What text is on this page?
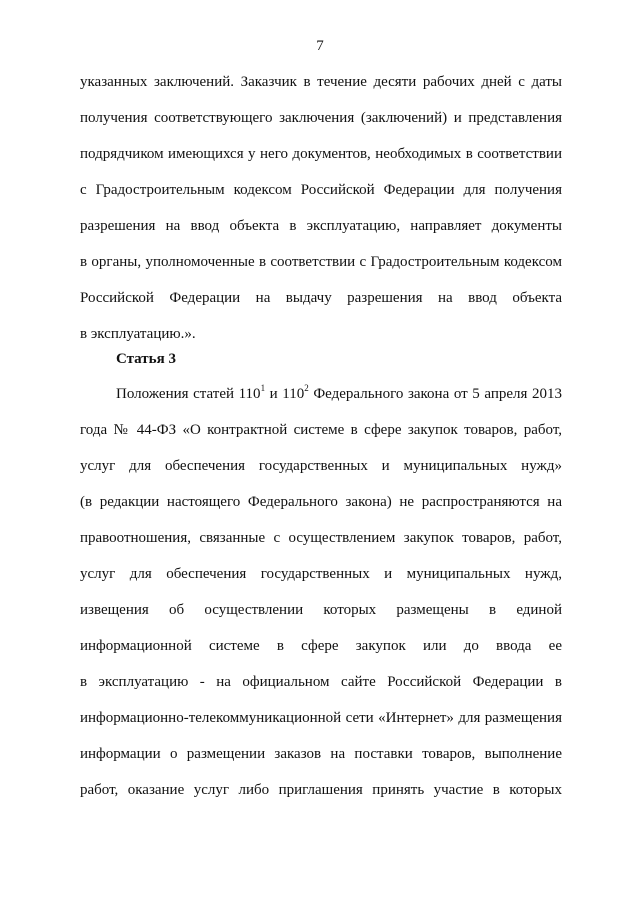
7
указанных заключений. Заказчик в течение десяти рабочих дней с даты
получения соответствующего заключения (заключений) и представления
подрядчиком имеющихся у него документов, необходимых в соответствии
с Градостроительным кодексом Российской Федерации для получения
разрешения на ввод объекта в эксплуатацию, направляет документы
в органы, уполномоченные в соответствии с Градостроительным кодексом
Российской Федерации на выдачу разрешения на ввод объекта
в эксплуатацию.».
Статья 3
Положения статей $110^1$ и $110^2$ Федерального закона от 5 апреля 2013
года № 44-ФЗ «О контрактной системе в сфере закупок товаров, работ,
услуг для обеспечения государственных и муниципальных нужд»
(в редакции настоящего Федерального закона) не распространяются на
правоотношения, связанные с осуществлением закупок товаров, работ,
услуг для обеспечения государственных и муниципальных нужд,
извещения об осуществлении которых размещены в единой
информационной системе в сфере закупок или до ввода ее
в эксплуатацию - на официальном сайте Российской Федерации в
информационно-телекоммуникационной сети «Интернет» для размещения
информации о размещении заказов на поставки товаров, выполнение
работ, оказание услуг либо приглашения принять участие в которых
